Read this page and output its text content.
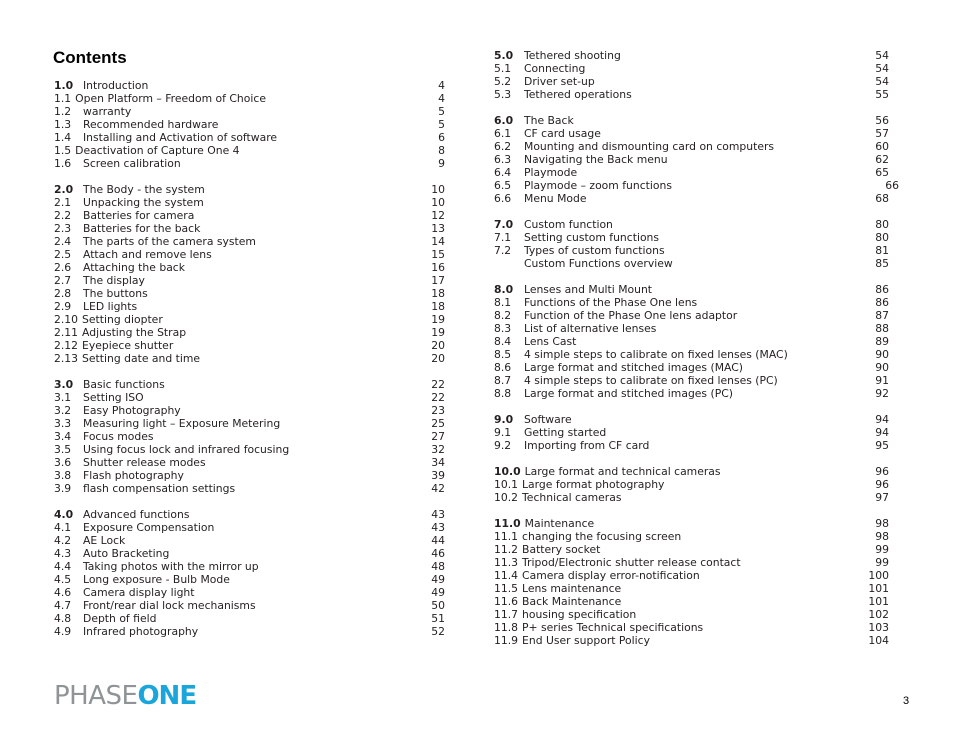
Contents
1.0 Introduction	4
1.1 Open Platform – Freedom of Choice	4
1.2 warranty	5
1.3 Recommended hardware	5
1.4 Installing and Activation of software	6
1.5 Deactivation of Capture One 4	8
1.6 Screen calibration	9
2.0 The Body - the system	10
2.1 Unpacking the system	10
2.2 Batteries for camera	12
2.3 Batteries for the back	13
2.4 The parts of the camera system	14
2.5 Attach and remove lens	15
2.6 Attaching the back	16
2.7 The display	17
2.8 The buttons	18
2.9 LED lights	18
2.10 Setting diopter	19
2.11 Adjusting the Strap	19
2.12 Eyepiece shutter	20
2.13 Setting date and time	20
3.0 Basic functions	22
3.1 Setting ISO	22
3.2 Easy Photography	23
3.3 Measuring light – Exposure Metering	25
3.4 Focus modes	27
3.5 Using focus lock and infrared focusing	32
3.6 Shutter release modes	34
3.8 Flash photography	39
3.9 flash compensation settings	42
4.0 Advanced functions	43
4.1 Exposure Compensation	43
4.2 AE Lock	44
4.3 Auto Bracketing	46
4.4 Taking photos with the mirror up	48
4.5 Long exposure - Bulb Mode	49
4.6 Camera display light	49
4.7 Front/rear dial lock mechanisms	50
4.8 Depth of field	51
4.9 Infrared photography	52
5.0 Tethered shooting	54
5.1 Connecting	54
5.2 Driver set-up	54
5.3 Tethered operations	55
6.0 The Back	56
6.1 CF card usage	57
6.2 Mounting and dismounting card on computers	60
6.3 Navigating the Back menu	62
6.4 Playmode	65
6.5 Playmode – zoom functions	66
6.6 Menu Mode	68
7.0 Custom function	80
7.1 Setting custom functions	80
7.2 Types of custom functions	81
Custom Functions overview	85
8.0 Lenses and Multi Mount	86
8.1 Functions of the Phase One lens	86
8.2 Function of the Phase One lens adaptor	87
8.3 List of alternative lenses	88
8.4 Lens Cast	89
8.5 4 simple steps to calibrate on fixed lenses (MAC)	90
8.6 Large format and stitched images (MAC)	90
8.7 4 simple steps to calibrate on fixed lenses (PC)	91
8.8 Large format and stitched images (PC)	92
9.0 Software	94
9.1 Getting started	94
9.2 Importing from CF card	95
10.0 Large format and technical cameras	96
10.1 Large format photography	96
10.2 Technical cameras	97
11.0 Maintenance	98
11.1 changing the focusing screen	98
11.2 Battery socket	99
11.3 Tripod/Electronic shutter release contact	99
11.4 Camera display error-notification	100
11.5 Lens maintenance	101
11.6 Back Maintenance	101
11.7 housing specification	102
11.8 P+ series Technical specifications	103
11.9 End User support Policy	104
PHASEONE	3
